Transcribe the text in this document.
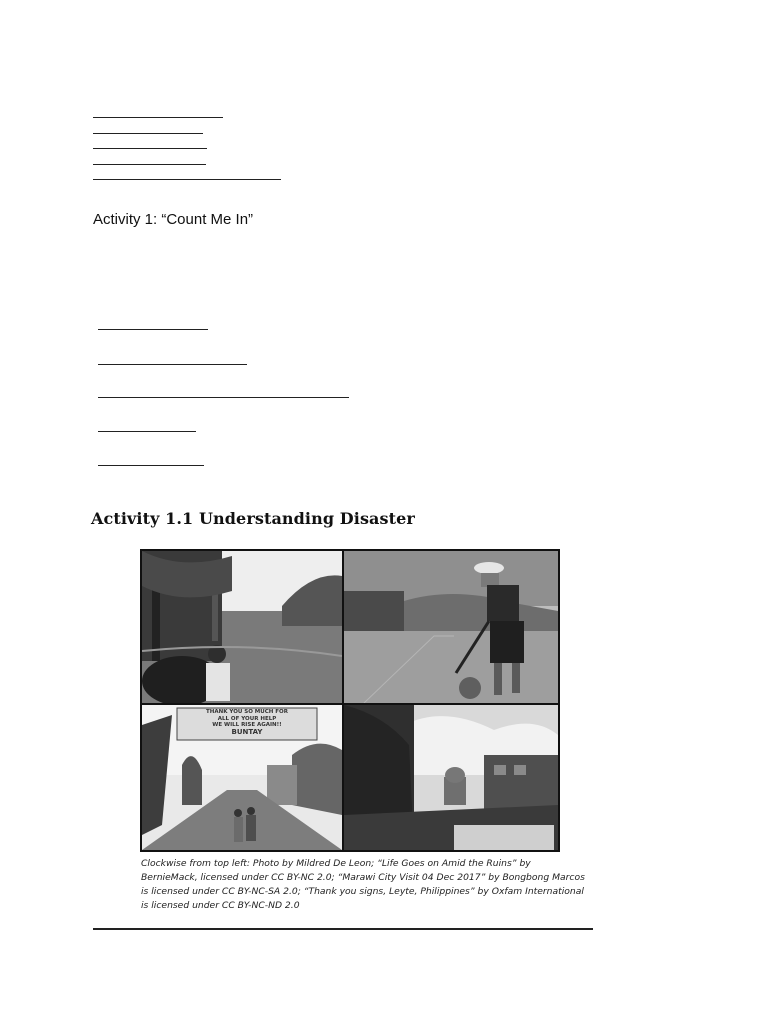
Activity 1: “Count Me In”
Activity 1.1 Understanding Disaster
THANK YOU SO MUCH FOR
ALL OF YOUR HELP
WE WILL RISE AGAIN!!
BUNTAY
Clockwise from top left: Photo by Mildred De Leon; “Life Goes on Amid the Ruins” by
BernieMack, licensed under CC BY-NC 2.0; “Marawi City Visit 04 Dec 2017” by Bongbong Marcos
is licensed under CC BY-NC-SA 2.0; “Thank you signs, Leyte, Philippines” by Oxfam International
is licensed under CC BY-NC-ND 2.0
